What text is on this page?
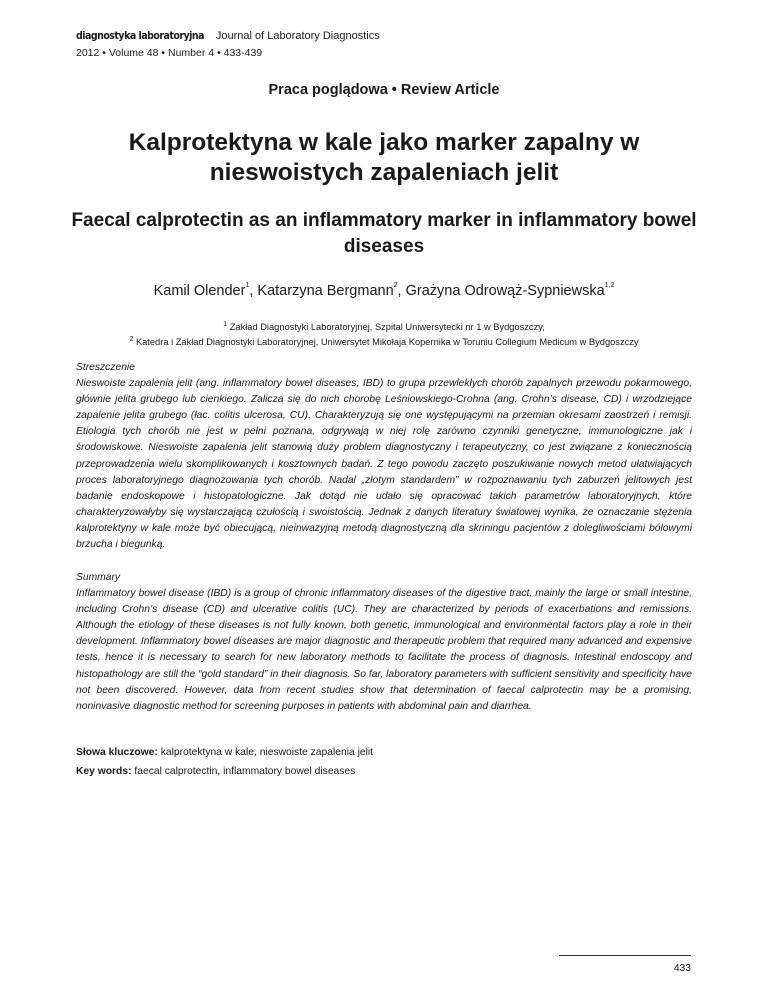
diagnostyka laboratoryjna Journal of Laboratory Diagnostics
2012 • Volume 48 • Number 4 • 433-439
Praca poglądowa • Review Article
Kalprotektyna w kale jako marker zapalny w nieswoistych zapaleniach jelit
Faecal calprotectin as an inflammatory marker in inflammatory bowel diseases
Kamil Olender$^1$, Katarzyna Bergmann$^2$, Grażyna Odrowąż-Sypniewska$^{1,2}$
$^1$ Zakład Diagnostyki Laboratoryjnej, Szpital Uniwersytecki nr 1 w Bydgoszczy,
$^2$ Katedra i Zakład Diagnostyki Laboratoryjnej, Uniwersytet Mikołaja Kopernika w Toruniu Collegium Medicum w Bydgoszczy

Streszczenie

Nieswoiste zapalenia jelit (ang. inflammatory bowel diseases, IBD) to grupa przewlekłych chorób zapalnych przewodu pokarmowego, głównie jelita grubego lub cienkiego. Zalicza się do nich chorobę Leśniowskiego-Crohna (ang. Crohn’s disease, CD) i wrzodziejące zapalenie jelita grubego (łac. colitis ulcerosa, CU). Charakteryzują się one występującymi na przemian okresami zaostrzeń i remisji. Etiologia tych chorób nie jest w pełni poznana, odgrywają w niej rolę zarówno czynniki genetyczne, immunologiczne jak i środowiskowe. Nieswoiste zapalenia jelit stanowią duży problem diagnostyczny i terapeutyczny, co jest związane z koniecznością przeprowadzenia wielu skomplikowanych i kosztownych badań. Z tego powodu zaczęto poszukiwanie nowych metod ułatwiających proces laboratoryjnego diagnozowania tych chorób. Nadal „złotym standardem” w rozpoznawaniu tych zaburzeń jelitowych jest badanie endoskopowe i histopatologiczne. Jak dotąd nie udało się opracować takich parametrów laboratoryjnych, które charakteryzowałyby się wystarczającą czułością i swoistością. Jednak z danych literatury światowej wynika, że oznaczanie stężenia kalprotektyny w kale może być obiecującą, nieinwazyjną metodą diagnostyczną dla skriningu pacjentów z dolegliwościami bólowymi brzucha i biegunką.

Summary

Inflammatory bowel disease (IBD) is a group of chronic inflammatory diseases of the digestive tract, mainly the large or small intestine, including Crohn’s disease (CD) and ulcerative colitis (UC). They are characterized by periods of exacerbations and remissions. Although the etiology of these diseases is not fully known, both genetic, immunological and environmental factors play a role in their development. Inflammatory bowel diseases are major diagnostic and therapeutic problem that required many advanced and expensive tests, hence it is necessary to search for new laboratory methods to facilitate the process of diagnosis. Intestinal endoscopy and histopathology are still the “gold standard” in their diagnosis. So far, laboratory parameters with sufficient sensitivity and specificity have not been discovered. However, data from recent studies show that determination of faecal calprotectin may be a promising, noninvasive diagnostic method for screening purposes in patients with abdominal pain and diarrhea.

Słowa kluczowe: kalprotektyna w kale, nieswoiste zapalenia jelit
Key words: faecal calprotectin, inflammatory bowel diseases
433
